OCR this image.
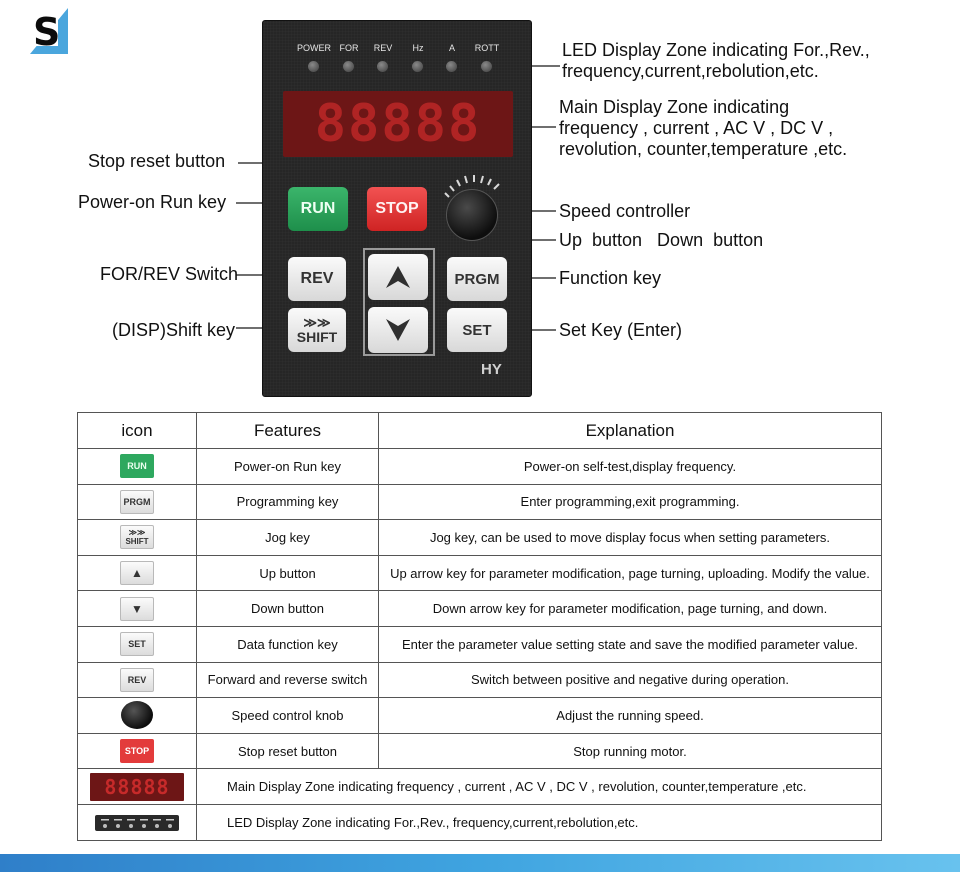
S	POWER FOR	REV	Hz	A	ROTT
88888
RUN	STOP
REV	PRGM
≫≫
SHIFT	SET
HY
LED Display Zone indicating For.,Rev.,
frequency,current,rebolution,etc.
Main Display Zone indicating
frequency , current , AC V , DC V ,
revolution, counter,temperature ,etc.
Stop reset button
Power-on Run key	Speed controller
Up  button   Down  button
FOR/REV Switch	Function key
(DISP)Shift key	Set Key (Enter)
icon	Features	Explanation
RUN	Power-on Run key	Power-on self-test,display frequency.
PRGM	Programming key	Enter programming,exit programming.

≫≫
SHIFT	Jog key	Jog key, can be used to move display focus when setting parameters.
▲	Up button	Up arrow key for parameter modification, page turning, uploading. Modify the value.
▼	Down button	Down arrow key for parameter modification, page turning, and down.
SET	Data function key	Enter the parameter value setting state and save the modified parameter value.
REV	Forward and reverse switch	Switch between positive and negative during operation.
	Speed control knob	Adjust the running speed.
STOP	Stop reset button	Stop running motor.
88888	Main Display Zone indicating frequency , current , AC V , DC V , revolution, counter,temperature ,etc.	

	LED Display Zone indicating For.,Rev., frequency,current,rebolution,etc.	
